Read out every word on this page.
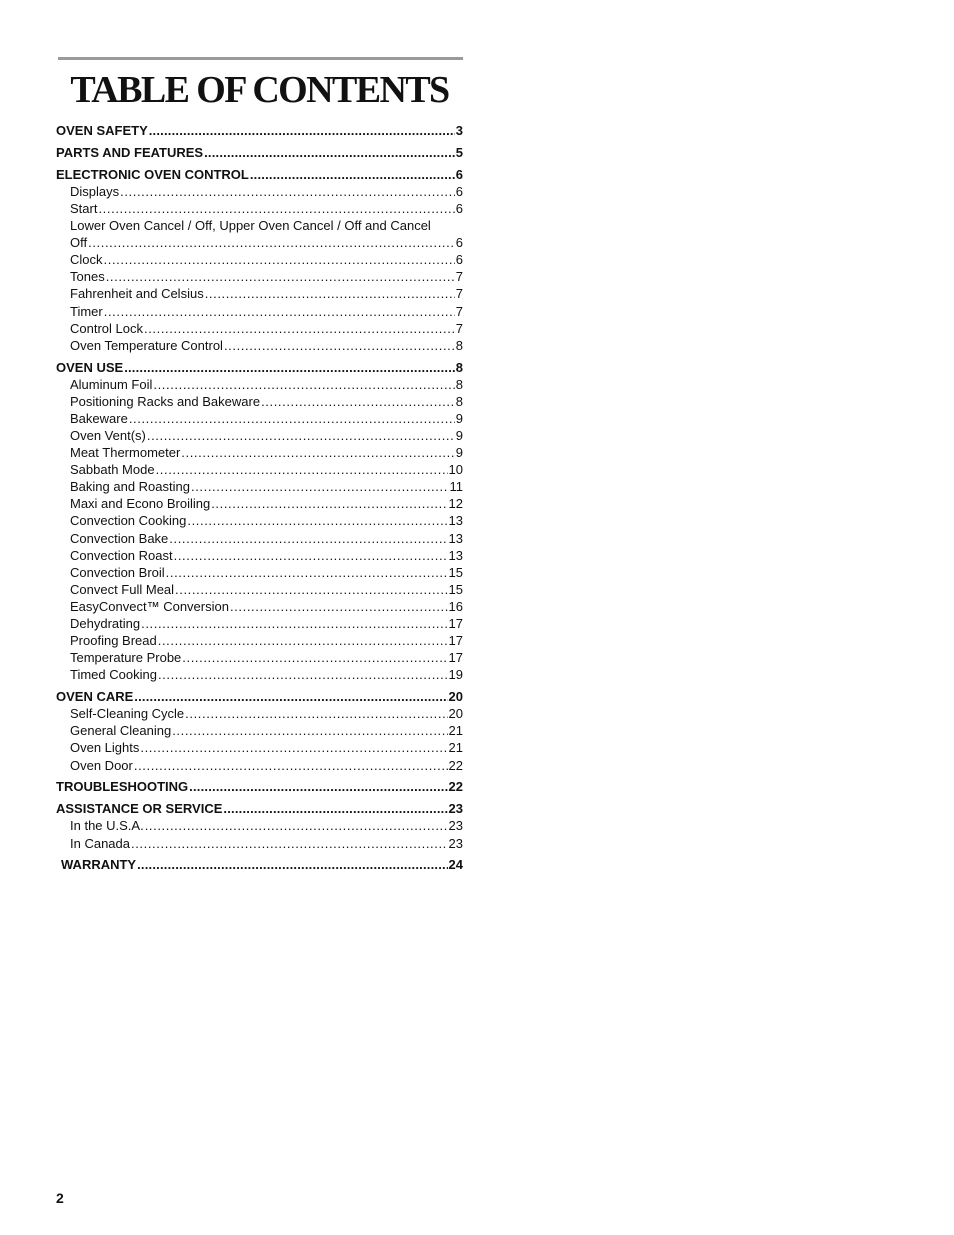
TABLE OF CONTENTS
OVEN SAFETY .....	3
PARTS AND FEATURES .....	5
ELECTRONIC OVEN CONTROL .....	6
Displays .....	6
Start .....	6
Lower Oven Cancel / Off, Upper Oven Cancel / Off and Cancel
Off .....	6
Clock .....	6
Tones .....	7
Fahrenheit and Celsius .....	7
Timer .....	7
Control Lock .....	7
Oven Temperature Control .....	8
OVEN USE .....	8
Aluminum Foil .....	8
Positioning Racks and Bakeware .....	8
Bakeware .....	9
Oven Vent(s) .....	9
Meat Thermometer .....	9
Sabbath Mode .....	10
Baking and Roasting .....	11
Maxi and Econo Broiling .....	12
Convection Cooking .....	13
Convection Bake .....	13
Convection Roast .....	13
Convection Broil .....	15
Convect Full Meal .....	15
EasyConvect™ Conversion .....	16
Dehydrating .....	17
Proofing Bread .....	17
Temperature Probe .....	17
Timed Cooking .....	19
OVEN CARE .....	20
Self-Cleaning Cycle .....	20
General Cleaning .....	21
Oven Lights .....	21
Oven Door .....	22
TROUBLESHOOTING .....	22
ASSISTANCE OR SERVICE .....	23
In the U.S.A. .....	23
In Canada .....	23
WARRANTY .....	24
2
